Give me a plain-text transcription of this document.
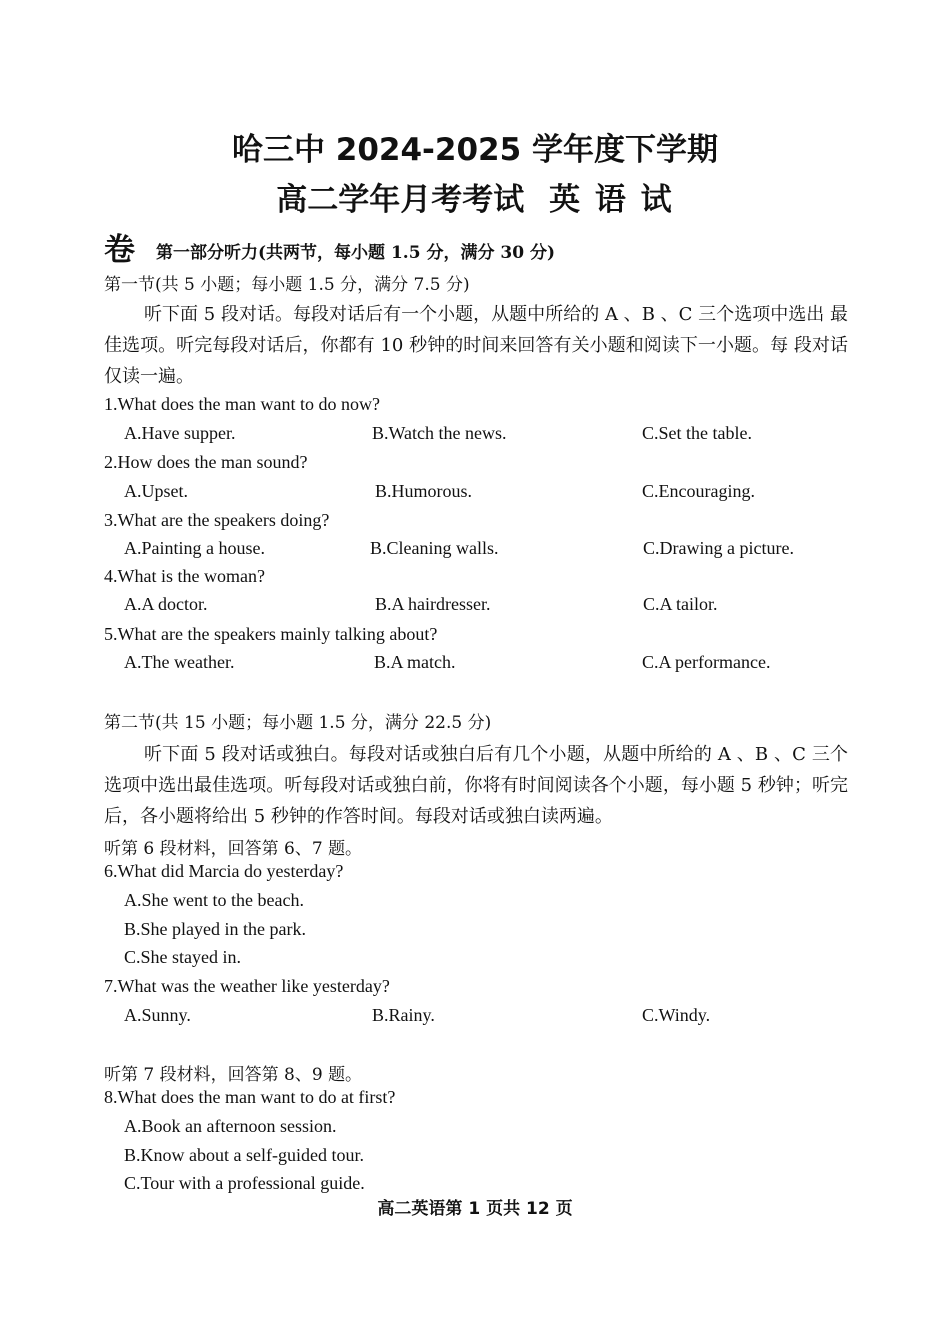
哈三中 2024-2025 学年度下学期
高二学年月考考试 英 语 试
卷 第一部分听力(共两节，每小题 1.5 分，满分 30 分)
第一节(共 5 小题；每小题 1.5 分，满分 7.5 分)
听下面 5 段对话。每段对话后有一个小题，从题中所给的 A 、B 、C 三个选项中选出 最佳选项。听完每段对话后，你都有 10 秒钟的时间来回答有关小题和阅读下一小题。每 段对话仅读一遍。
1.What does the man want to do now?
A.Have supper.	B.Watch the news.	C.Set the table.
2.How does the man sound?
A.Upset.	B.Humorous.	C.Encouraging.
3.What are the speakers doing?
A.Painting a house.	B.Cleaning walls.	C.Drawing a picture.
4.What is the woman?
A.A doctor.	B.A hairdresser.	C.A tailor.
5.What are the speakers mainly talking about?
A.The weather.	B.A match.	C.A performance.
第二节(共 15 小题；每小题 1.5 分，满分 22.5 分)
听下面 5 段对话或独白。每段对话或独白后有几个小题，从题中所给的 A 、B 、C 三个选项中选出最佳选项。听每段对话或独白前，你将有时间阅读各个小题，每小题 5 秒钟；听完后，各小题将给出 5 秒钟的作答时间。每段对话或独白读两遍。
听第 6 段材料，回答第 6、7 题。
6.What did Marcia do yesterday?
A.She went to the beach.
B.She played in the park.
C.She stayed in.
7.What was the weather like yesterday?
A.Sunny.	B.Rainy.	C.Windy.
听第 7 段材料，回答第 8、9 题。
8.What does the man want to do at first?
A.Book an afternoon session.
B.Know about a self-guided tour.
C.Tour with a professional guide.
高二英语第 1 页共 12 页
